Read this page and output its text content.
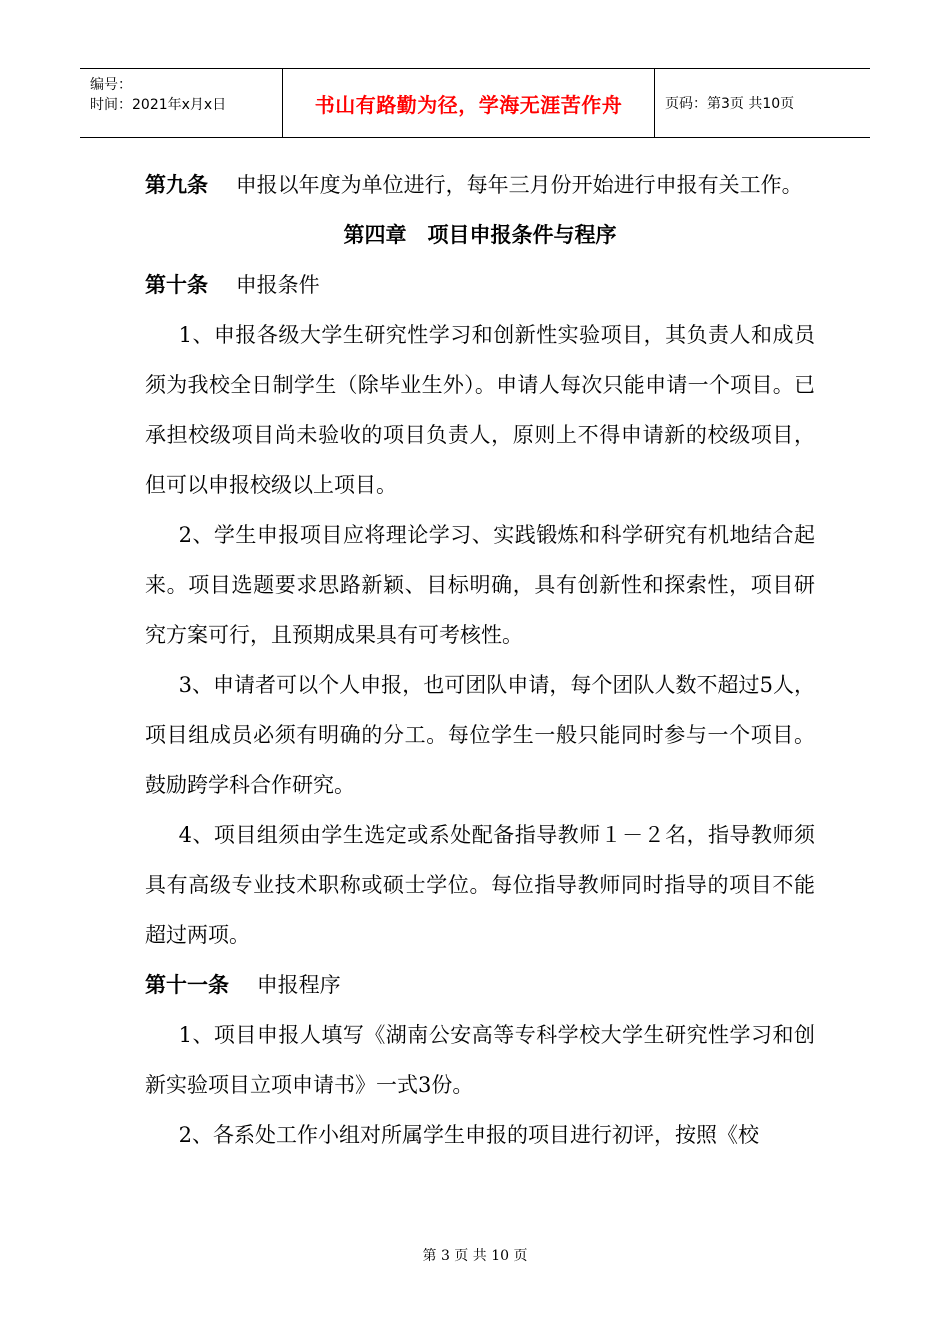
编号：
时间：2021年x月x日	书山有路勤为径，学海无涯苦作舟	页码：第3页 共10页

第九条　 申报以年度为单位进行，每年三月份开始进行申报有关工作。

第四章　项目申报条件与程序

第十条　 申报条件

1、申报各级大学生研究性学习和创新性实验项目，其负责人和成员须为我校全日制学生（除毕业生外）。申请人每次只能申请一个项目。已承担校级项目尚未验收的项目负责人，原则上不得申请新的校级项目，但可以申报校级以上项目。

2、学生申报项目应将理论学习、实践锻炼和科学研究有机地结合起来。项目选题要求思路新颖、目标明确，具有创新性和探索性，项目研究方案可行，且预期成果具有可考核性。

3、申请者可以个人申报，也可团队申请，每个团队人数不超过5人，项目组成员必须有明确的分工。每位学生一般只能同时参与一个项目。鼓励跨学科合作研究。

4、项目组须由学生选定或系处配备指导教师１－２名，指导教师须具有高级专业技术职称或硕士学位。每位指导教师同时指导的项目不能超过两项。

第十一条　 申报程序

1、项目申报人填写《湖南公安高等专科学校大学生研究性学习和创新实验项目立项申请书》一式3份。

2、各系处工作小组对所属学生申报的项目进行初评，按照《校

第 3 页 共 10 页
